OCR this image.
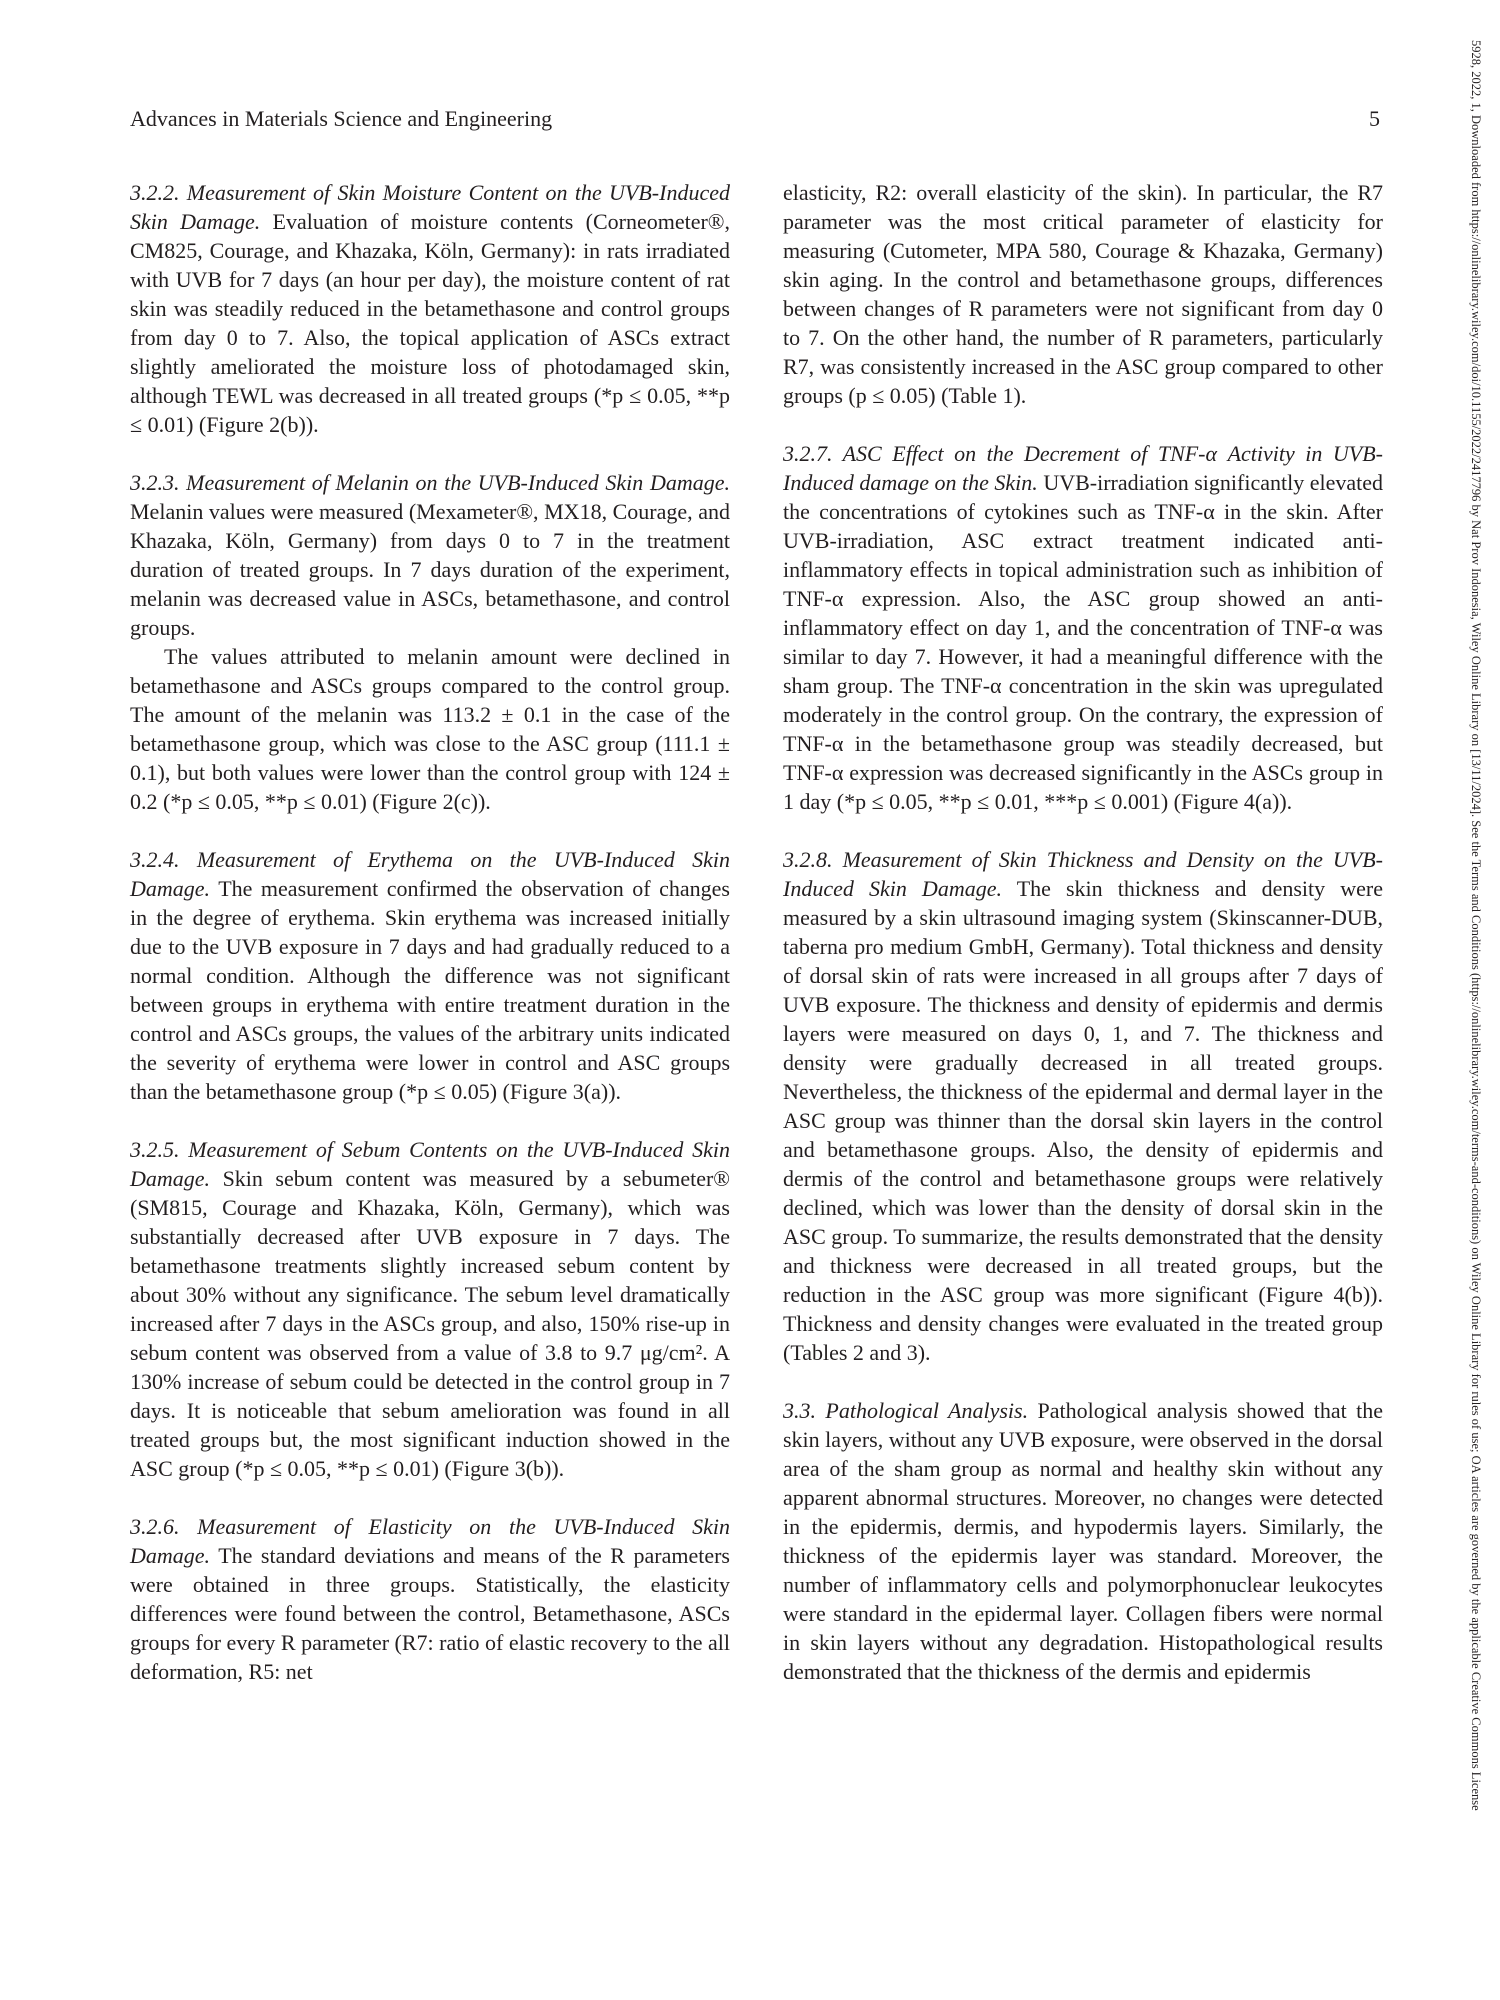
Advances in Materials Science and Engineering	5

3.2.2. Measurement of Skin Moisture Content on the UVB-Induced Skin Damage. Evaluation of moisture contents (Corneometer®, CM825, Courage, and Khazaka, Köln, Germany): in rats irradiated with UVB for 7 days (an hour per day), the moisture content of rat skin was steadily reduced in the betamethasone and control groups from day 0 to 7. Also, the topical application of ASCs extract slightly ameliorated the moisture loss of photodamaged skin, although TEWL was decreased in all treated groups (*p ≤ 0.05, **p ≤ 0.01) (Figure 2(b)).

3.2.3. Measurement of Melanin on the UVB-Induced Skin Damage. Melanin values were measured (Mexameter®, MX18, Courage, and Khazaka, Köln, Germany) from days 0 to 7 in the treatment duration of treated groups. In 7 days duration of the experiment, melanin was decreased value in ASCs, betamethasone, and control groups.

The values attributed to melanin amount were declined in betamethasone and ASCs groups compared to the control group. The amount of the melanin was 113.2 ± 0.1 in the case of the betamethasone group, which was close to the ASC group (111.1 ± 0.1), but both values were lower than the control group with 124 ± 0.2 (*p ≤ 0.05, **p ≤ 0.01) (Figure 2(c)).

3.2.4. Measurement of Erythema on the UVB-Induced Skin Damage. The measurement confirmed the observation of changes in the degree of erythema. Skin erythema was increased initially due to the UVB exposure in 7 days and had gradually reduced to a normal condition. Although the difference was not significant between groups in erythema with entire treatment duration in the control and ASCs groups, the values of the arbitrary units indicated the severity of erythema were lower in control and ASC groups than the betamethasone group (*p ≤ 0.05) (Figure 3(a)).

3.2.5. Measurement of Sebum Contents on the UVB-Induced Skin Damage. Skin sebum content was measured by a sebumeter® (SM815, Courage and Khazaka, Köln, Germany), which was substantially decreased after UVB exposure in 7 days. The betamethasone treatments slightly increased sebum content by about 30% without any significance. The sebum level dramatically increased after 7 days in the ASCs group, and also, 150% rise-up in sebum content was observed from a value of 3.8 to 9.7 μg/cm². A 130% increase of sebum could be detected in the control group in 7 days. It is noticeable that sebum amelioration was found in all treated groups but, the most significant induction showed in the ASC group (*p ≤ 0.05, **p ≤ 0.01) (Figure 3(b)).

3.2.6. Measurement of Elasticity on the UVB-Induced Skin Damage. The standard deviations and means of the R parameters were obtained in three groups. Statistically, the elasticity differences were found between the control, Betamethasone, ASCs groups for every R parameter (R7: ratio of elastic recovery to the all deformation, R5: net

elasticity, R2: overall elasticity of the skin). In particular, the R7 parameter was the most critical parameter of elasticity for measuring (Cutometer, MPA 580, Courage & Khazaka, Germany) skin aging. In the control and betamethasone groups, differences between changes of R parameters were not significant from day 0 to 7. On the other hand, the number of R parameters, particularly R7, was consistently increased in the ASC group compared to other groups (p ≤ 0.05) (Table 1).

3.2.7. ASC Effect on the Decrement of TNF-α Activity in UVB-Induced damage on the Skin. UVB-irradiation significantly elevated the concentrations of cytokines such as TNF-α in the skin. After UVB-irradiation, ASC extract treatment indicated anti-inflammatory effects in topical administration such as inhibition of TNF-α expression. Also, the ASC group showed an anti-inflammatory effect on day 1, and the concentration of TNF-α was similar to day 7. However, it had a meaningful difference with the sham group. The TNF-α concentration in the skin was upregulated moderately in the control group. On the contrary, the expression of TNF-α in the betamethasone group was steadily decreased, but TNF-α expression was decreased significantly in the ASCs group in 1 day (*p ≤ 0.05, **p ≤ 0.01, ***p ≤ 0.001) (Figure 4(a)).

3.2.8. Measurement of Skin Thickness and Density on the UVB-Induced Skin Damage. The skin thickness and density were measured by a skin ultrasound imaging system (Skinscanner-DUB, taberna pro medium GmbH, Germany). Total thickness and density of dorsal skin of rats were increased in all groups after 7 days of UVB exposure. The thickness and density of epidermis and dermis layers were measured on days 0, 1, and 7. The thickness and density were gradually decreased in all treated groups. Nevertheless, the thickness of the epidermal and dermal layer in the ASC group was thinner than the dorsal skin layers in the control and betamethasone groups. Also, the density of epidermis and dermis of the control and betamethasone groups were relatively declined, which was lower than the density of dorsal skin in the ASC group. To summarize, the results demonstrated that the density and thickness were decreased in all treated groups, but the reduction in the ASC group was more significant (Figure 4(b)). Thickness and density changes were evaluated in the treated group (Tables 2 and 3).

3.3. Pathological Analysis. Pathological analysis showed that the skin layers, without any UVB exposure, were observed in the dorsal area of the sham group as normal and healthy skin without any apparent abnormal structures. Moreover, no changes were detected in the epidermis, dermis, and hypodermis layers. Similarly, the thickness of the epidermis layer was standard. Moreover, the number of inflammatory cells and polymorphonuclear leukocytes were standard in the epidermal layer. Collagen fibers were normal in skin layers without any degradation. Histopathological results demonstrated that the thickness of the dermis and epidermis	5928, 2022, 1, Downloaded from https://onlinelibrary.wiley.com/doi/10.1155/2022/2417796 by Nat Prov Indonesia, Wiley Online Library on [13/11/2024]. See the Terms and Conditions (https://onlinelibrary.wiley.com/terms-and-conditions) on Wiley Online Library for rules of use; OA articles are governed by the applicable Creative Commons License
